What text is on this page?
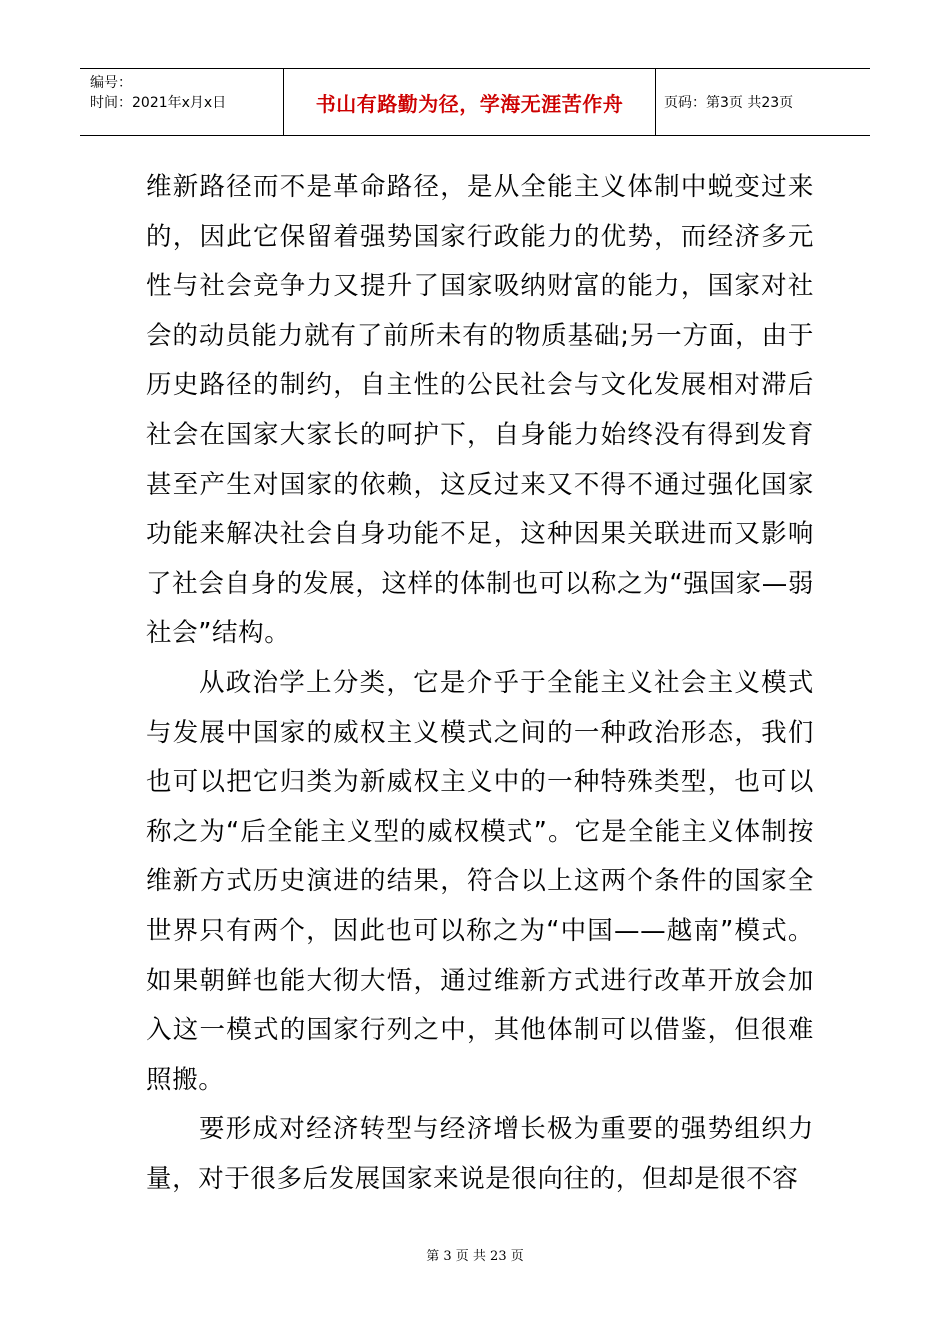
编号：
时间：2021年x月x日	书山有路勤为径，学海无涯苦作舟	页码：第3页 共23页

维新路径而不是革命路径，是从全能主义体制中蜕变过来的，因此它保留着强势国家行政能力的优势，而经济多元性与社会竞争力又提升了国家吸纳财富的能力，国家对社会的动员能力就有了前所未有的物质基础;另一方面，由于历史路径的制约，自主性的公民社会与文化发展相对滞后社会在国家大家长的呵护下，自身能力始终没有得到发育甚至产生对国家的依赖，这反过来又不得不通过强化国家功能来解决社会自身功能不足，这种因果关联进而又影响了社会自身的发展，这样的体制也可以称之为“强国家—弱社会”结构。

从政治学上分类，它是介乎于全能主义社会主义模式与发展中国家的威权主义模式之间的一种政治形态，我们也可以把它归类为新威权主义中的一种特殊类型，也可以称之为“后全能主义型的威权模式”。它是全能主义体制按维新方式历史演进的结果，符合以上这两个条件的国家全世界只有两个，因此也可以称之为“中国——越南”模式。如果朝鲜也能大彻大悟，通过维新方式进行改革开放会加入这一模式的国家行列之中，其他体制可以借鉴，但很难照搬。

要形成对经济转型与经济增长极为重要的强势组织力量，对于很多后发展国家来说是很向往的，但却是很不容

第 3 页 共 23 页
